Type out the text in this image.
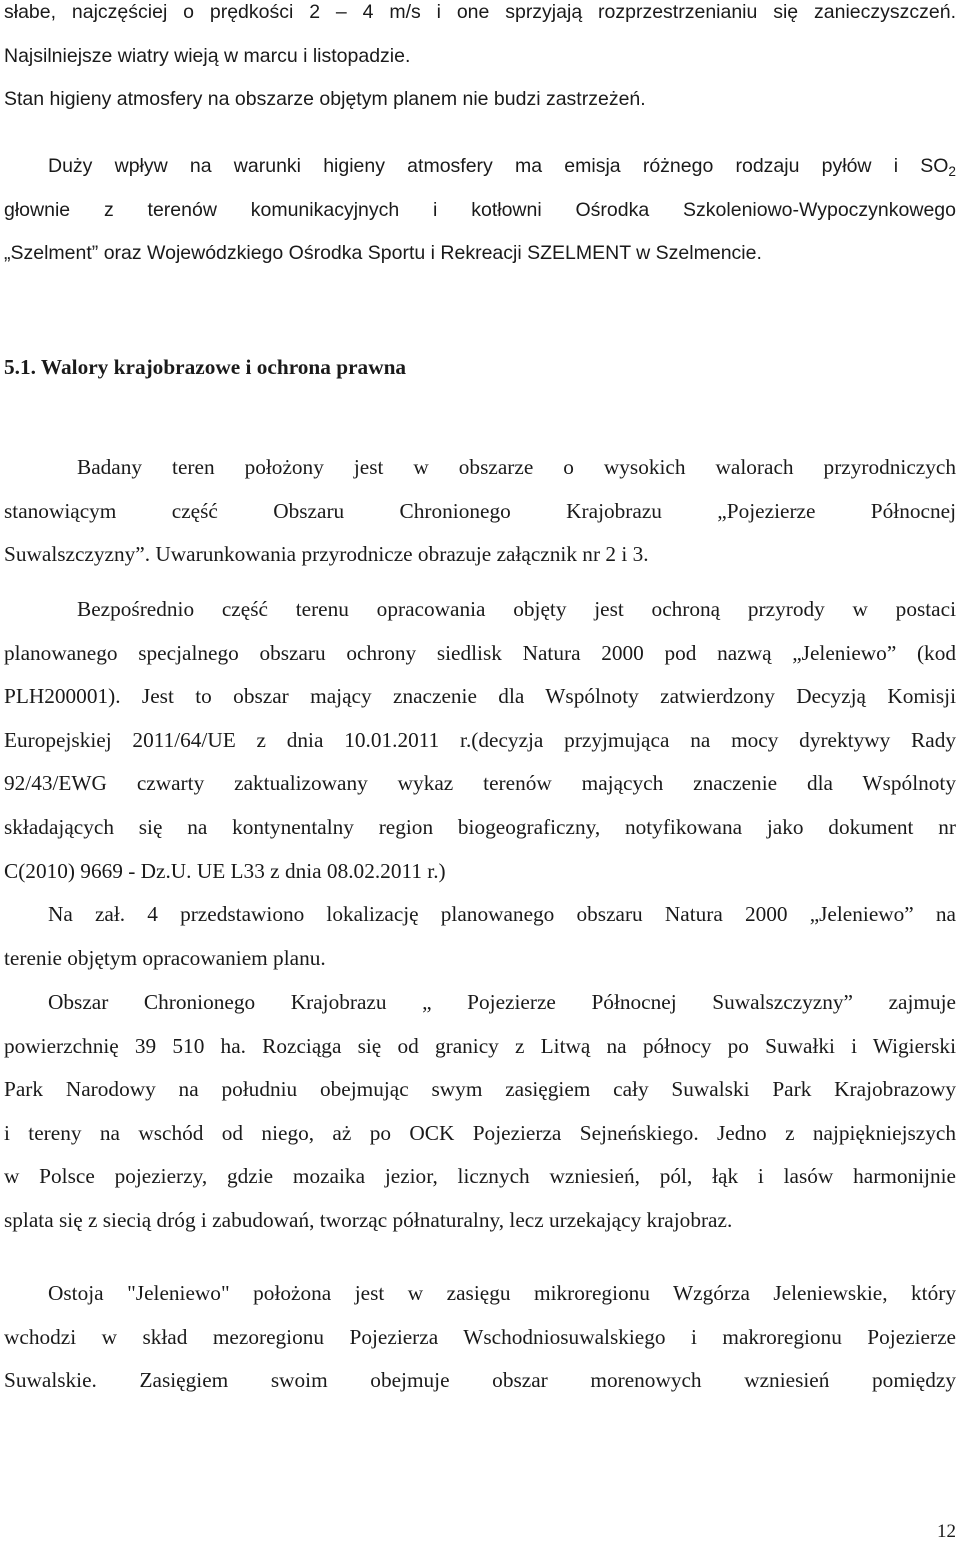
słabe, najczęściej o prędkości 2 – 4 m/s i one sprzyjają rozprzestrzenianiu się zanieczyszczeń.
Najsilniejsze wiatry wieją w marcu i listopadzie.
Stan higieny atmosfery na obszarze objętym planem nie budzi zastrzeżeń.
Duży wpływ na warunki higieny atmosfery ma emisja różnego rodzaju pyłów i $SO_2$
głownie z terenów komunikacyjnych i kotłowni Ośrodka Szkoleniowo-Wypoczynkowego
„Szelment” oraz Wojewódzkiego Ośrodka Sportu i Rekreacji SZELMENT w Szelmencie.
5.1. Walory krajobrazowe i ochrona prawna
Badany teren położony jest w obszarze o wysokich walorach przyrodniczych
stanowiącym część Obszaru Chronionego Krajobrazu „Pojezierze Północnej
Suwalszczyzny”. Uwarunkowania przyrodnicze obrazuje załącznik nr 2 i 3.
Bezpośrednio część terenu opracowania objęty jest ochroną przyrody w postaci
planowanego specjalnego obszaru ochrony siedlisk Natura 2000 pod nazwą „Jeleniewo” (kod
PLH200001). Jest to obszar mający znaczenie dla Wspólnoty zatwierdzony Decyzją Komisji
Europejskiej 2011/64/UE z dnia 10.01.2011 r.(decyzja przyjmująca na mocy dyrektywy Rady
92/43/EWG czwarty zaktualizowany wykaz terenów mających znaczenie dla Wspólnoty
składających się na kontynentalny region biogeograficzny, notyfikowana jako dokument nr
C(2010) 9669 - Dz.U. UE L33 z dnia 08.02.2011 r.)
Na zał. 4 przedstawiono lokalizację planowanego obszaru Natura 2000 „Jeleniewo” na
terenie objętym opracowaniem planu.
Obszar Chronionego Krajobrazu „ Pojezierze Północnej Suwalszczyzny” zajmuje
powierzchnię 39 510 ha. Rozciąga się od granicy z Litwą na północy po Suwałki i Wigierski
Park Narodowy na południu obejmując swym zasięgiem cały Suwalski Park Krajobrazowy
i tereny na wschód od niego, aż po OCK Pojezierza Sejneńskiego. Jedno z najpiękniejszych
w Polsce pojezierzy, gdzie mozaika jezior, licznych wzniesień, pól, łąk i lasów harmonijnie
splata się z siecią dróg i zabudowań, tworząc półnaturalny, lecz urzekający krajobraz.
Ostoja "Jeleniewo" położona jest w zasięgu mikroregionu Wzgórza Jeleniewskie, który
wchodzi w skład mezoregionu Pojezierza Wschodniosuwalskiego i makroregionu Pojezierze
Suwalskie. Zasięgiem swoim obejmuje obszar morenowych wzniesień pomiędzy
12
